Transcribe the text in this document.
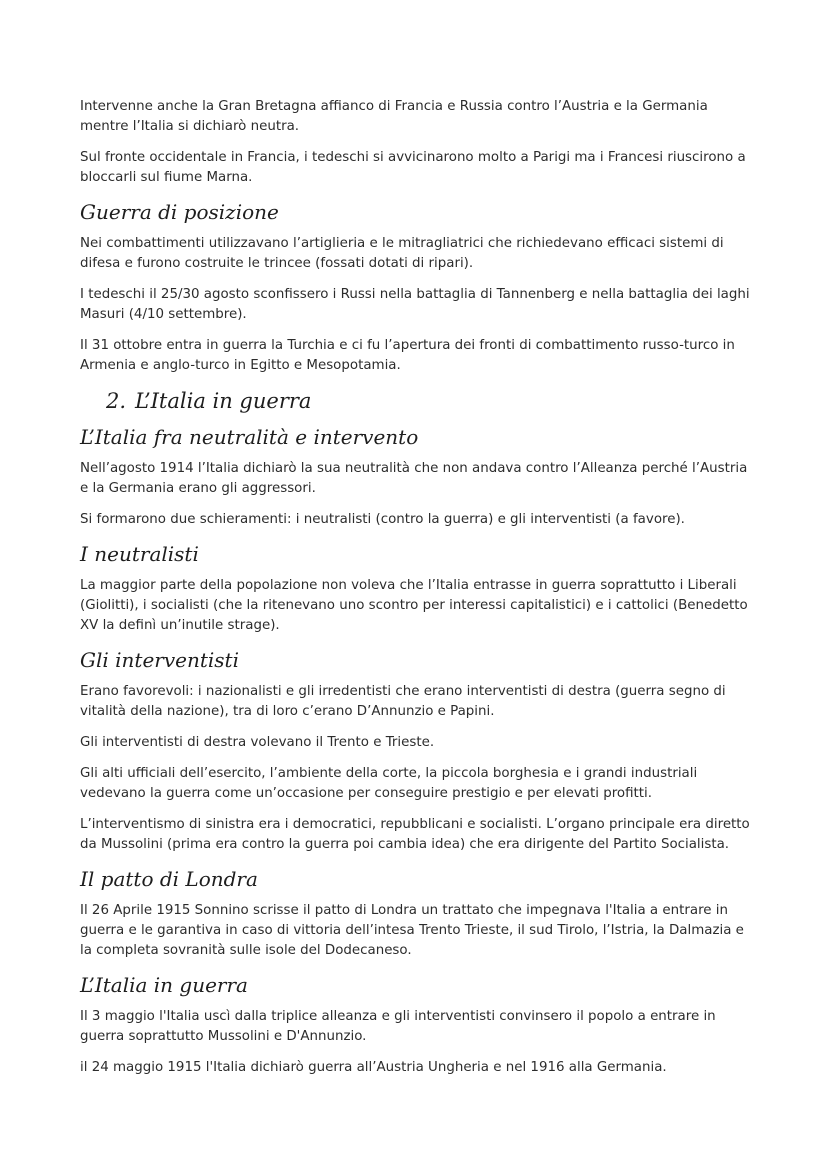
Intervenne anche la Gran Bretagna affianco di Francia e Russia contro l’Austria e la Germania mentre l’Italia si dichiarò neutra.

Sul fronte occidentale in Francia, i tedeschi si avvicinarono molto a Parigi ma i Francesi riuscirono a bloccarli sul fiume Marna.

Guerra di posizione

Nei combattimenti utilizzavano l’artiglieria e le mitragliatrici che richiedevano efficaci sistemi di difesa e furono costruite le trincee (fossati dotati di ripari).

I tedeschi il 25/30 agosto sconfissero i Russi nella battaglia di Tannenberg e nella battaglia dei laghi Masuri (4/10 settembre).

Il 31 ottobre entra in guerra la Turchia e ci fu l’apertura dei fronti di combattimento russo-turco in Armenia e anglo-turco in Egitto e Mesopotamia.

2. L’Italia in guerra
L’Italia fra neutralità e intervento

Nell’agosto 1914 l’Italia dichiarò la sua neutralità che non andava contro l’Alleanza perché l’Austria e la Germania erano gli aggressori.

Si formarono due schieramenti: i neutralisti (contro la guerra) e gli interventisti (a favore).

I neutralisti

La maggior parte della popolazione non voleva che l’Italia entrasse in guerra soprattutto i Liberali (Giolitti), i socialisti (che la ritenevano uno scontro per interessi capitalistici) e i cattolici (Benedetto XV la definì un’inutile strage).

Gli interventisti

Erano favorevoli: i nazionalisti e gli irredentisti che erano interventisti di destra (guerra segno di vitalità della nazione), tra di loro c’erano D’Annunzio e Papini.

Gli interventisti di destra volevano il Trento e Trieste.

Gli alti ufficiali dell’esercito, l’ambiente della corte, la piccola borghesia e i grandi industriali vedevano la guerra come un’occasione per conseguire prestigio e per elevati profitti.

L’interventismo di sinistra era i democratici, repubblicani e socialisti. L’organo principale era diretto da Mussolini (prima era contro la guerra poi cambia idea) che era dirigente del Partito Socialista.

Il patto di Londra

Il 26 Aprile 1915 Sonnino scrisse il patto di Londra un trattato che impegnava l'Italia a entrare in guerra e le garantiva in caso di vittoria dell’intesa Trento Trieste, il sud Tirolo, l’Istria, la Dalmazia e la completa sovranità sulle isole del Dodecaneso.

L’Italia in guerra

Il 3 maggio l'Italia uscì dalla triplice alleanza e gli interventisti convinsero il popolo a entrare in guerra soprattutto Mussolini e D'Annunzio.

il 24 maggio 1915 l'Italia dichiarò guerra all’Austria Ungheria e nel 1916 alla Germania.
